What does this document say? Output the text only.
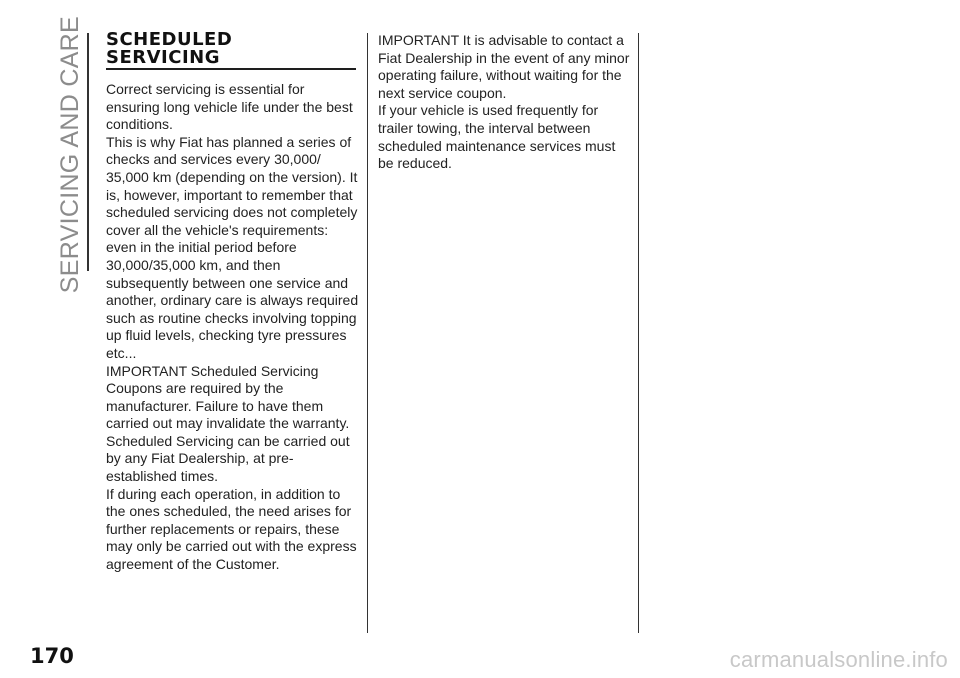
SERVICING AND CARE SCHEDULED
SERVICING

Correct servicing is essential for ensuring long vehicle life under the best conditions.

This is why Fiat has planned a series of checks and services every 30,000/ 35,000 km (depending on the version). It is, however, important to remember that scheduled servicing does not completely cover all the vehicle's requirements: even in the initial period before 30,000/35,000 km, and then subsequently between one service and another, ordinary care is always required such as routine checks involving topping up fluid levels, checking tyre pressures etc...

IMPORTANT Scheduled Servicing Coupons are required by the manufacturer. Failure to have them carried out may invalidate the warranty.

Scheduled Servicing can be carried out by any Fiat Dealership, at pre-established times.

If during each operation, in addition to the ones scheduled, the need arises for further replacements or repairs, these may only be carried out with the express agreement of the Customer.

IMPORTANT It is advisable to contact a Fiat Dealership in the event of any minor operating failure, without waiting for the next service coupon.

If your vehicle is used frequently for trailer towing, the interval between scheduled maintenance services must be reduced.

170	carmanualsonline.info
